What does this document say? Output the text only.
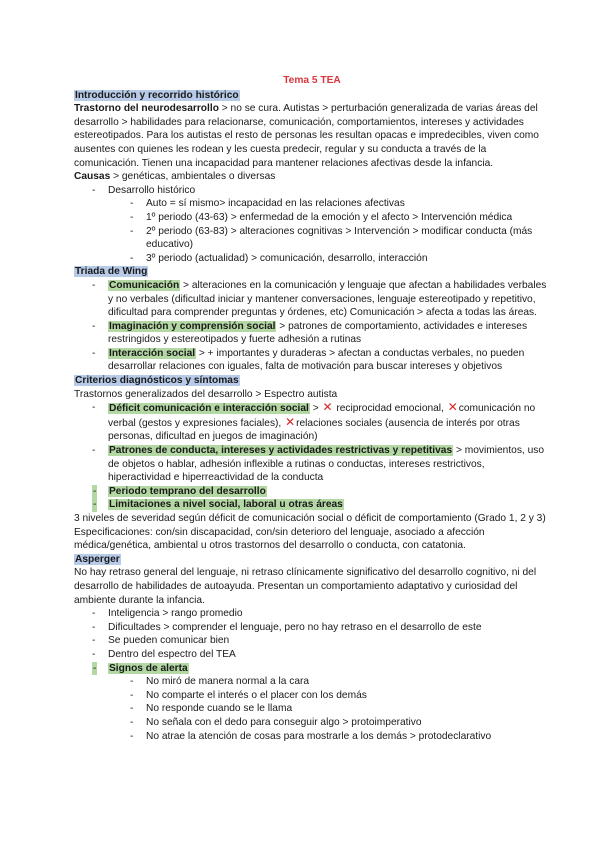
Tema 5 TEA

Introducción y recorrido histórico

Trastorno del neurodesarrollo > no se cura. Autistas > perturbación generalizada de varias áreas del desarrollo > habilidades para relacionarse, comunicación, comportamientos, intereses y actividades estereotipados. Para los autistas el resto de personas les resultan opacas e impredecibles, viven como ausentes con quienes les rodean y les cuesta predecir, regular y su conducta a través de la comunicación. Tienen una incapacidad para mantener relaciones afectivas desde la infancia.

Causas > genéticas, ambientales o diversas

- Desarrollo histórico
- Auto = sí mismo> incapacidad en las relaciones afectivas
- 1º periodo (43-63) > enfermedad de la emoción y el afecto > Intervención médica
- 2º periodo (63-83) > alteraciones cognitivas > Intervención > modificar conducta (más educativo)
- 3º periodo (actualidad) > comunicación, desarrollo, interacción

Triada de Wing

- Comunicación > alteraciones en la comunicación y lenguaje que afectan a habilidades verbales y no verbales (dificultad iniciar y mantener conversaciones, lenguaje estereotipado y repetitivo, dificultad para comprender preguntas y órdenes, etc) Comunicación > afecta a todas las áreas.
- Imaginación y comprensión social > patrones de comportamiento, actividades e intereses restringidos y estereotipados y fuerte adhesión a rutinas
- Interacción social > + importantes y duraderas > afectan a conductas verbales, no pueden desarrollar relaciones con iguales, falta de motivación para buscar intereses y objetivos

Criterios diagnósticos y síntomas

Trastornos generalizados del desarrollo > Espectro autista

- Déficit comunicación e interacción social > ✕ reciprocidad emocional, ✕comunicación no verbal (gestos y expresiones faciales), ✕relaciones sociales (ausencia de interés por otras personas, dificultad en juegos de imaginación)
- Patrones de conducta, intereses y actividades restrictivas y repetitivas > movimientos, uso de objetos o hablar, adhesión inflexible a rutinas o conductas, intereses restrictivos, hiperactividad e hiperreactividad de la conducta
- Periodo temprano del desarrollo
- Limitaciones a nivel social, laboral u otras áreas

3 niveles de severidad según déficit de comunicación social o déficit de comportamiento (Grado 1, 2 y 3) Especificaciones: con/sin discapacidad, con/sin deterioro del lenguaje, asociado a afección médica/genética, ambiental u otros trastornos del desarrollo o conducta, con catatonia.

Asperger

No hay retraso general del lenguaje, ni retraso clínicamente significativo del desarrollo cognitivo, ni del desarrollo de habilidades de autoayuda. Presentan un comportamiento adaptativo y curiosidad del ambiente durante la infancia.

- Inteligencia > rango promedio
- Dificultades > comprender el lenguaje, pero no hay retraso en el desarrollo de este
- Se pueden comunicar bien
- Dentro del espectro del TEA
- Signos de alerta
- No miró de manera normal a la cara
- No comparte el interés o el placer con los demás
- No responde cuando se le llama
- No señala con el dedo para conseguir algo > protoimperativo
- No atrae la atención de cosas para mostrarle a los demás > protodeclarativo
